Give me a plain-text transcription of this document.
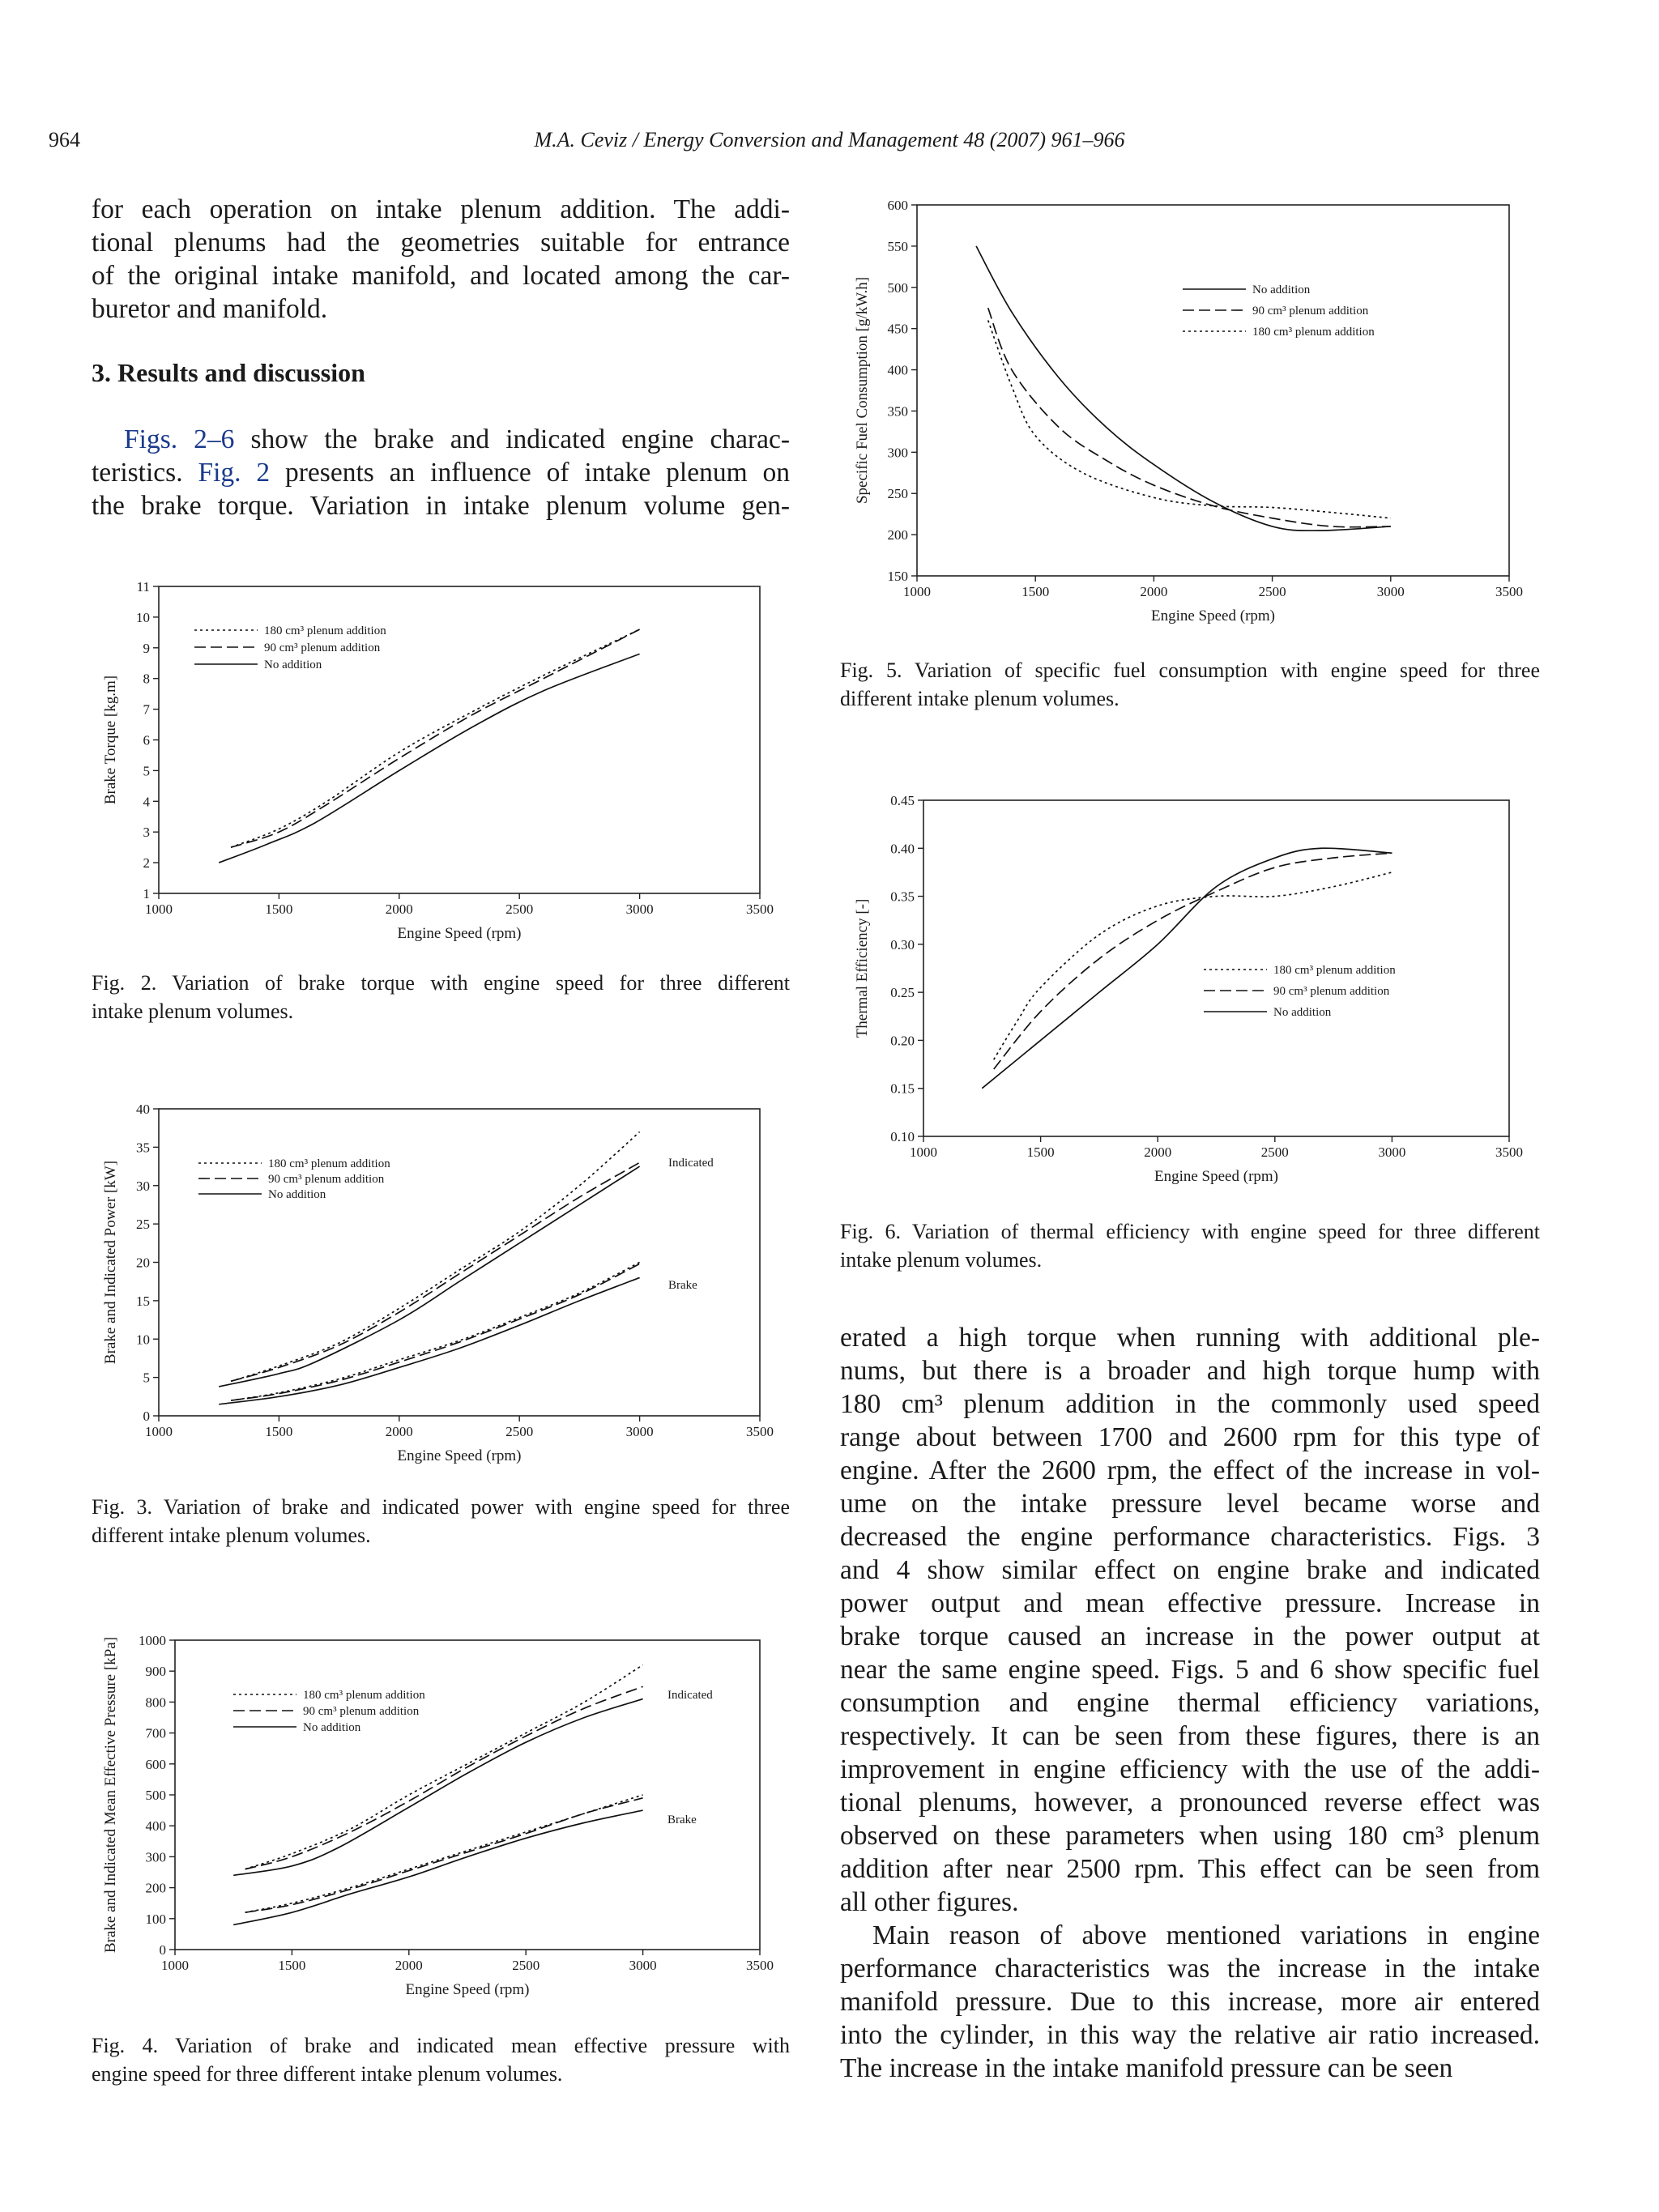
964	M.A. Ceviz / Energy Conversion and Management 48 (2007) 961–966
for each operation on intake plenum addition. The addi-
tional plenums had the geometries suitable for entrance
of the original intake manifold, and located among the car-
buretor and manifold.
3. Results and discussion
Figs. 2–6 show the brake and indicated engine charac-
teristics. Fig. 2 presents an influence of intake plenum on
the brake torque. Variation in intake plenum volume gen-
1000	1500	2000	2500	3000	3500
1
2
3
4
5
6
7
8
9
10
11
Engine Speed (rpm)
Brake Torque [kg.m]
180 cm³ plenum addition
90 cm³ plenum addition
No addition
Fig. 2. Variation of brake torque with engine speed for three different
intake plenum volumes.
1000	1500	2000	2500	3000	3500
0
5
10
15
20
25
30
35
40
Engine Speed (rpm)
Brake and Indicated Power [kW]	180 cm³ plenum addition
90 cm³ plenum addition
No addition
Indicated
Brake
Fig. 3. Variation of brake and indicated power with engine speed for three
different intake plenum volumes.
1000	1500	2000	2500	3000	3500
0
100
200
300
400
500
600
700
800
900
1000
Engine Speed (rpm)
Brake and Indicated Mean Effective Pressure [kPa]	180 cm³ plenum addition
90 cm³ plenum addition
No addition
Indicated
Brake
Fig. 4. Variation of brake and indicated mean effective pressure with
engine speed for three different intake plenum volumes.
1000	1500	2000	2500	3000	3500
150
200
250
300
350
400
450
500
550
600
Engine Speed (rpm)
Specific Fuel Consumption [g/kW.h]	No addition
90 cm³ plenum addition
180 cm³ plenum addition
Fig. 5. Variation of specific fuel consumption with engine speed for three
different intake plenum volumes.
1000	1500	2000	2500	3000	3500
0.10
0.15
0.20
0.25
0.30
0.35
0.40
0.45
Engine Speed (rpm)
Thermal Efficiency [-]	180 cm³ plenum addition
90 cm³ plenum addition
No addition
Fig. 6. Variation of thermal efficiency with engine speed for three different
intake plenum volumes.
erated a high torque when running with additional ple-
nums, but there is a broader and high torque hump with
180 cm³ plenum addition in the commonly used speed
range about between 1700 and 2600 rpm for this type of
engine. After the 2600 rpm, the effect of the increase in vol-
ume on the intake pressure level became worse and
decreased the engine performance characteristics. Figs. 3
and 4 show similar effect on engine brake and indicated
power output and mean effective pressure. Increase in
brake torque caused an increase in the power output at
near the same engine speed. Figs. 5 and 6 show specific fuel
consumption and engine thermal efficiency variations,
respectively. It can be seen from these figures, there is an
improvement in engine efficiency with the use of the addi-
tional plenums, however, a pronounced reverse effect was
observed on these parameters when using 180 cm³ plenum
addition after near 2500 rpm. This effect can be seen from
all other figures.
Main reason of above mentioned variations in engine
performance characteristics was the increase in the intake
manifold pressure. Due to this increase, more air entered
into the cylinder, in this way the relative air ratio increased.
The increase in the intake manifold pressure can be seen
